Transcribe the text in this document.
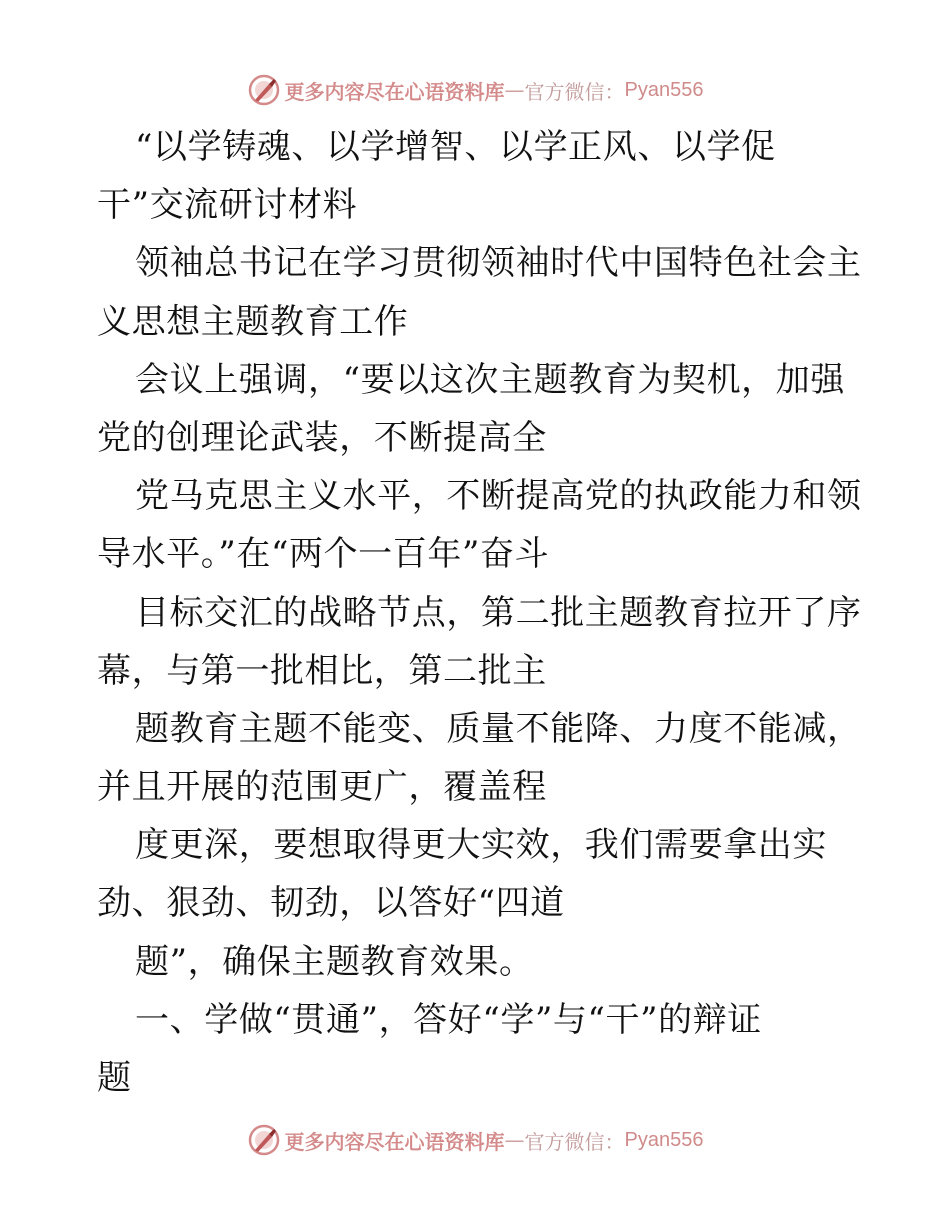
更多内容尽在心语资料库 — 官方微信： Pyan556
“以学铸魂、以学增智、以学正风、以学促
干”交流研讨材料
领袖总书记在学习贯彻领袖时代中国特色社会主
义思想主题教育工作
会议上强调，“要以这次主题教育为契机，加强
党的创理论武装，不断提高全
党马克思主义水平，不断提高党的执政能力和领
导水平。”在“两个一百年”奋斗
目标交汇的战略节点，第二批主题教育拉开了序
幕，与第一批相比，第二批主
题教育主题不能变、质量不能降、力度不能减，
并且开展的范围更广，覆盖程
度更深，要想取得更大实效，我们需要拿出实
劲、狠劲、韧劲，以答好“四道
题”，确保主题教育效果。
一、学做“贯通”，答好“学”与“干”的辩证
题
更多内容尽在心语资料库 — 官方微信： Pyan556
